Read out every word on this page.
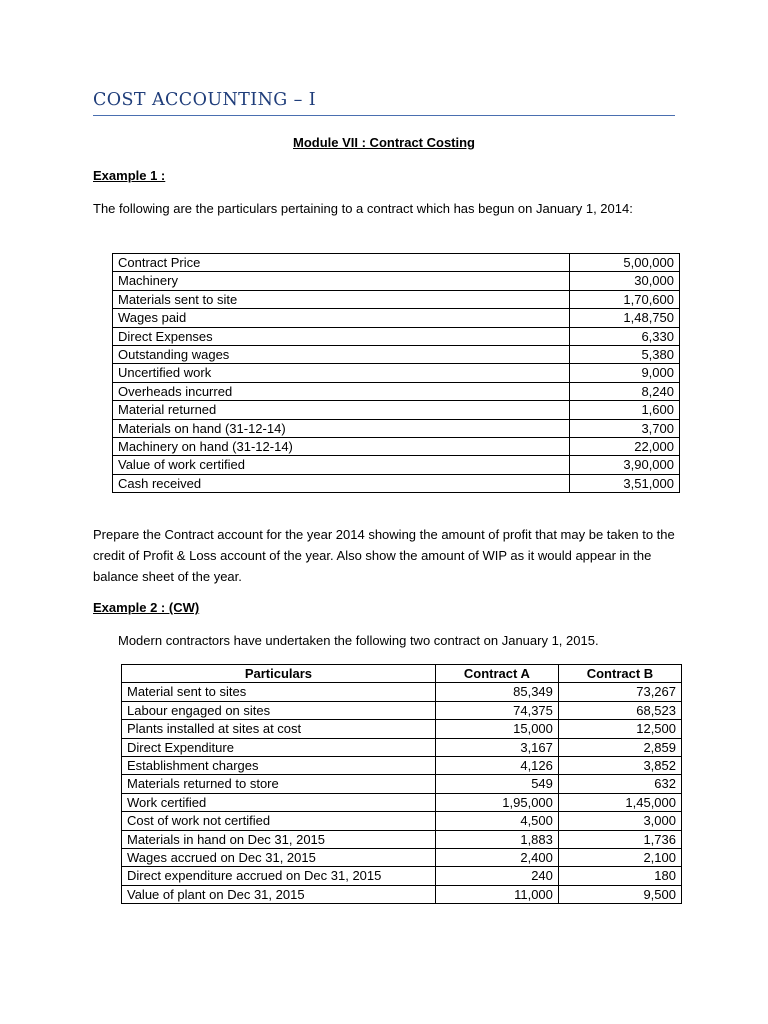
COST ACCOUNTING – I
Module VII : Contract Costing
Example 1 :
The following are the particulars pertaining to a contract which has begun on January 1, 2014:
Contract Price	5,00,000
Machinery	30,000
Materials sent to site	1,70,600
Wages paid	1,48,750
Direct Expenses	6,330
Outstanding wages	5,380
Uncertified work	9,000
Overheads incurred	8,240
Material returned	1,600
Materials on hand (31-12-14)	3,700
Machinery on hand (31-12-14)	22,000
Value of work certified	3,90,000
Cash received	3,51,000
Prepare the Contract account for the year 2014 showing the amount of profit that may be taken to the credit of Profit & Loss account of the year. Also show the amount of WIP as it would appear in the balance sheet of the year.
Example 2 : (CW)
Modern contractors have undertaken the following two contract on January 1, 2015.
Particulars	Contract A	Contract B
Material sent to sites	85,349	73,267
Labour engaged on sites	74,375	68,523
Plants installed at sites at cost	15,000	12,500
Direct Expenditure	3,167	2,859
Establishment charges	4,126	3,852
Materials returned to store	549	632
Work certified	1,95,000	1,45,000
Cost of work not certified	4,500	3,000
Materials in hand on Dec 31, 2015	1,883	1,736
Wages accrued on Dec 31, 2015	2,400	2,100
Direct expenditure accrued on Dec 31, 2015	240	180
Value of plant on Dec 31, 2015	11,000	9,500
